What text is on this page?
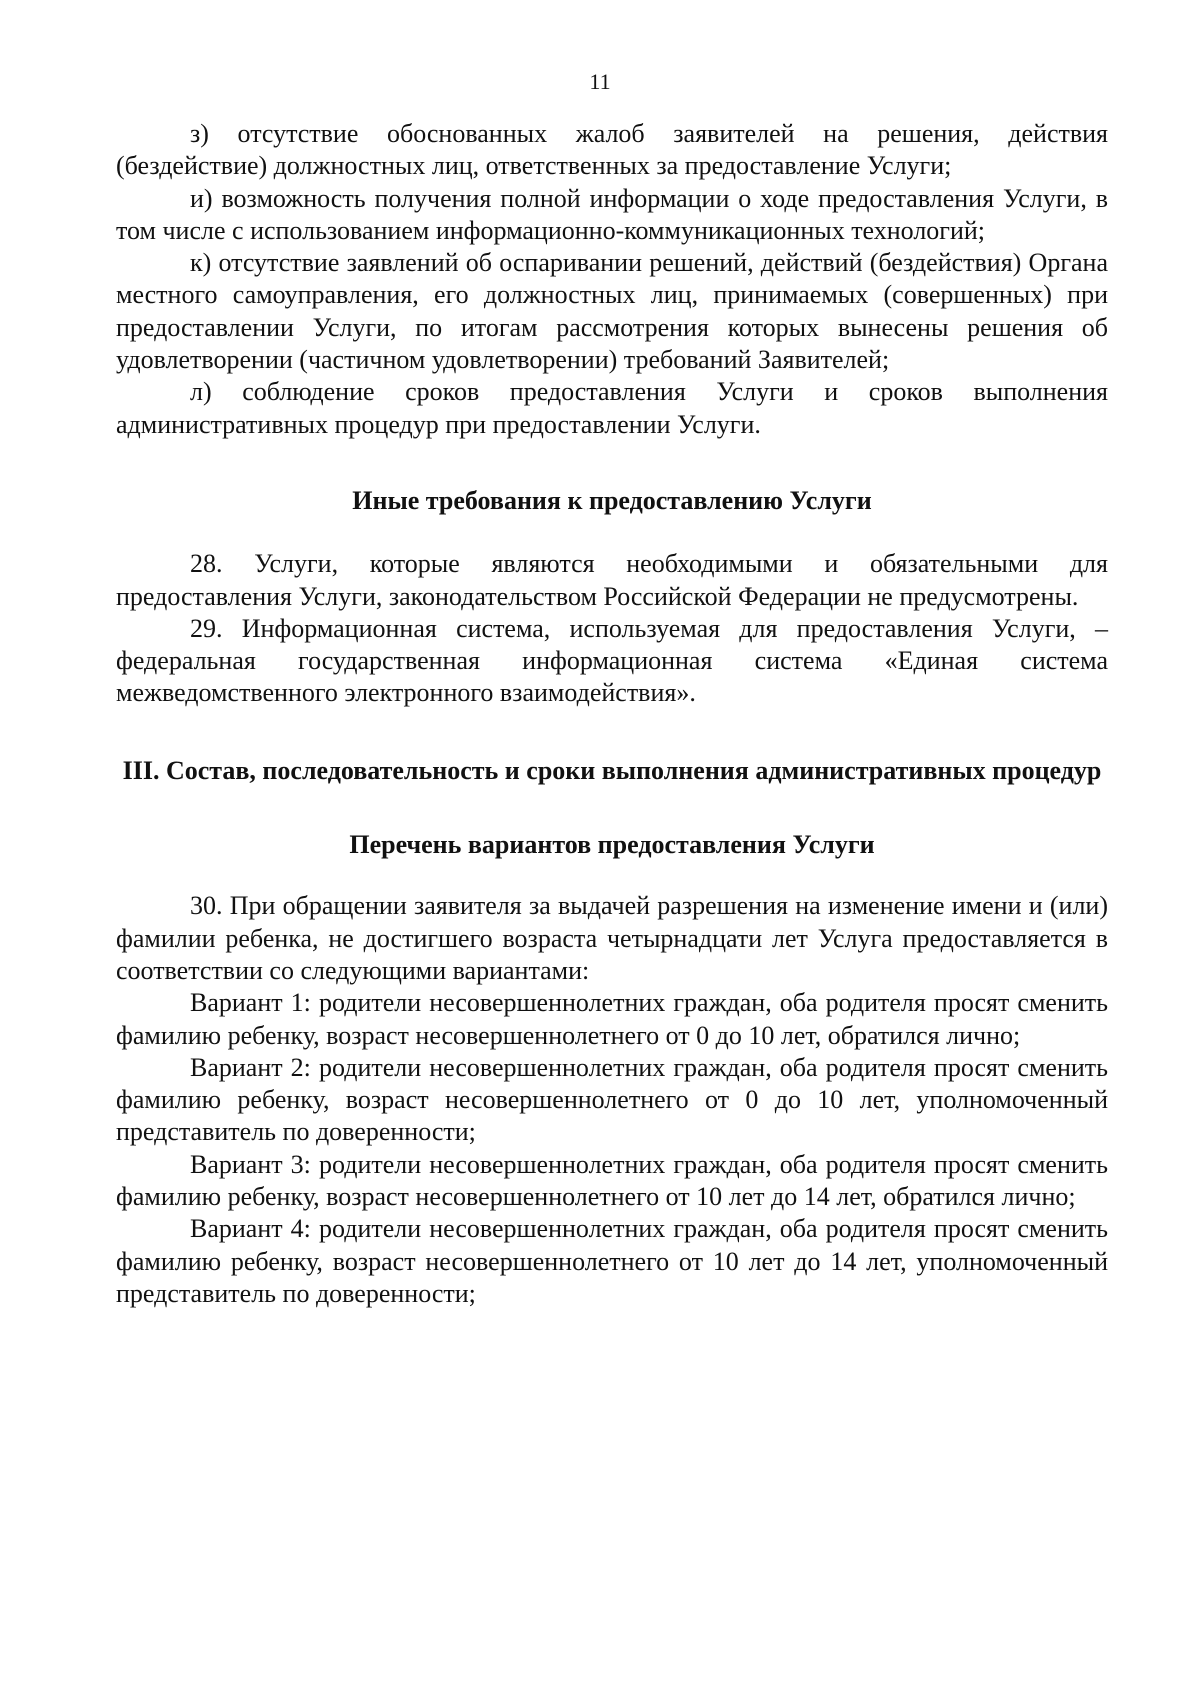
11

з) отсутствие обоснованных жалоб заявителей на решения, действия (бездействие) должностных лиц, ответственных за предоставление Услуги;

и) возможность получения полной информации о ходе предоставления Услуги, в том числе с использованием информационно-коммуникационных технологий;

к) отсутствие заявлений об оспаривании решений, действий (бездействия) Органа местного самоуправления, его должностных лиц, принимаемых (совершенных) при предоставлении Услуги, по итогам рассмотрения которых вынесены решения об удовлетворении (частичном удовлетворении) требований Заявителей;

л) соблюдение сроков предоставления Услуги и сроков выполнения административных процедур при предоставлении Услуги.

Иные требования к предоставлению Услуги

28. Услуги, которые являются необходимыми и обязательными для предоставления Услуги, законодательством Российской Федерации не предусмотрены.

29. Информационная система, используемая для предоставления Услуги, – федеральная государственная информационная система «Единая система межведомственного электронного взаимодействия».

III. Состав, последовательность и сроки выполнения административных процедур
Перечень вариантов предоставления Услуги

30. При обращении заявителя за выдачей разрешения на изменение имени и (или) фамилии ребенка, не достигшего возраста четырнадцати лет Услуга предоставляется в соответствии со следующими вариантами:

Вариант 1: родители несовершеннолетних граждан, оба родителя просят сменить фамилию ребенку, возраст несовершеннолетнего от 0 до 10 лет, обратился лично;

Вариант 2: родители несовершеннолетних граждан, оба родителя просят сменить фамилию ребенку, возраст несовершеннолетнего от 0 до 10 лет, уполномоченный представитель по доверенности;

Вариант 3: родители несовершеннолетних граждан, оба родителя просят сменить фамилию ребенку, возраст несовершеннолетнего от 10 лет до 14 лет, обратился лично;

Вариант 4: родители несовершеннолетних граждан, оба родителя просят сменить фамилию ребенку, возраст несовершеннолетнего от 10 лет до 14 лет, уполномоченный представитель по доверенности;
